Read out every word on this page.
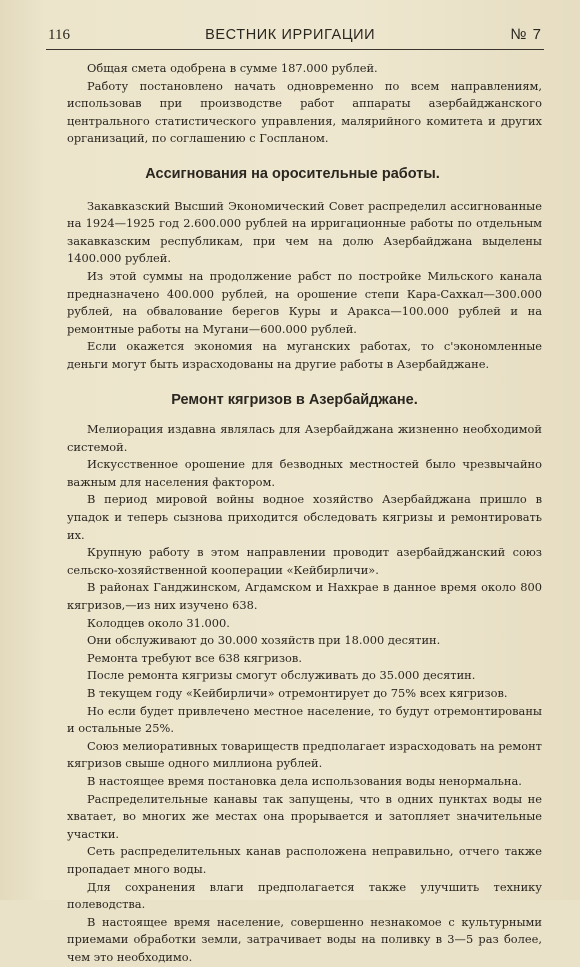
116	ВЕСТНИК ИРРИГАЦИИ	№ 7

Общая смета одобрена в сумме 187.000 рублей.

Работу постановлено начать одновременно по всем направлениям, использовав при производстве работ аппараты азербайджанского центрального статистического управления, малярийного комитета и других организаций, по соглашению с Госпланом.

Ассигнования на оросительные работы.

Закавказский Высший Экономический Совет распределил ассигнованные на 1924—1925 год 2.600.000 рублей на ирригационные работы по отдельным закавказским республикам, при чем на долю Азербайджана выделены 1400.000 рублей.

Из этой суммы на продолжение рабст по постройке Мильского канала предназначено 400.000 рублей, на орошение степи Кара-Сахкал—300.000 рублей, на обвалование берегов Куры и Аракса—100.000 рублей и на ремонтные работы на Мугани—600.000 рублей.

Если окажется экономия на муганских работах, то с'экономленные деньги могут быть израсходованы на другие работы в Азербайджане.

Ремонт кягризов в Азербайджане.

Мелиорация издавна являлась для Азербайджана жизненно необходимой системой.

Искусственное орошение для безводных местностей было чрезвычайно важным для населения фактором.

В период мировой войны водное хозяйство Азербайджана пришло в упадок и теперь сызнова приходится обследовать кягризы и ремонтировать их.

Крупную работу в этом направлении проводит азербайджанский союз сельско-хозяйственной кооперации «Кейбирличи».

В районах Ганджинском, Агдамском и Нахкрае в данное время около 800 кягризов,—из них изучено 638.

Колодцев около 31.000.

Они обслуживают до 30.000 хозяйств при 18.000 десятин.

Ремонта требуют все 638 кягризов.

После ремонта кягризы смогут обслуживать до 35.000 десятин.

В текущем году «Кейбирличи» отремонтирует до 75% всех кягризов.

Но если будет привлечено местное население, то будут отремонтированы и остальные 25%.

Союз мелиоративных товариществ предполагает израсходовать на ремонт кягризов свыше одного миллиона рублей.

В настоящее время постановка дела использования воды ненормальна.

Распределительные канавы так запущены, что в одних пунктах воды не хватает, во многих же местах она прорывается и затопляет значительные участки.

Сеть распределительных канав расположена неправильно, отчего также пропадает много воды.

Для сохранения влаги предполагается также улучшить технику полеводства.

В настоящее время население, совершенно незнакомое с культурными приемами обработки земли, затрачивает воды на поливку в 3—5 раз более, чем это необходимо.
